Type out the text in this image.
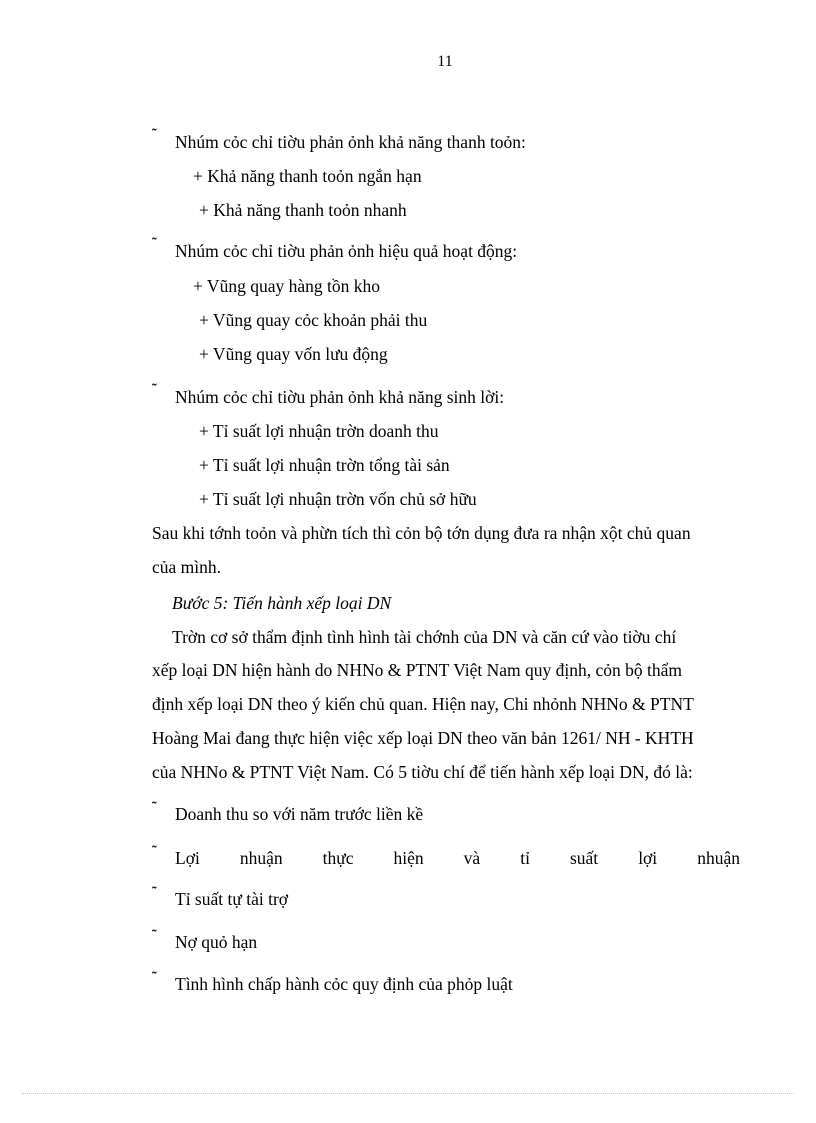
11
˜ Nhúm cỏc chỉ tiờu phản ỏnh khả năng thanh toỏn:
+ Khả năng thanh toỏn ngắn hạn
+ Khả năng thanh toỏn nhanh
˜ Nhúm cỏc chỉ tiờu phản ỏnh hiệu quả hoạt động:
+ Vũng quay hàng tồn kho
+ Vũng quay cỏc khoản phải thu
+ Vũng quay vốn lưu động
˜ Nhúm cỏc chỉ tiờu phản ỏnh khả năng sinh lời:
+ Tỉ suất lợi nhuận trờn doanh thu
+ Tỉ suất lợi nhuận trờn tổng tài sản
+ Tỉ suất lợi nhuận trờn vốn chủ sở hữu
Sau khi tớnh toỏn và phừn tích thì cỏn bộ tớn dụng đưa ra nhận xột chủ quan
của mình.
Bước 5: Tiến hành xếp loại DN
Trờn cơ sở thẩm định tình hình tài chớnh của DN và căn cứ vào tiờu chí
xếp loại DN hiện hành do NHNo & PTNT Việt Nam quy định, cỏn bộ thẩm
định xếp loại DN theo ý kiến chủ quan. Hiện nay, Chi nhỏnh NHNo & PTNT
Hoàng Mai đang thực hiện việc xếp loại DN theo văn bản 1261/ NH - KHTH
của NHNo & PTNT Việt Nam. Có 5 tiờu chí để tiến hành xếp loại DN, đó là:
˜ Doanh thu so với năm trước liền kề
˜ Lợi nhuận thực hiện và tỉ suất lợi nhuận
˜ Tỉ suất tự tài trợ
˜ Nợ quỏ hạn
˜ Tình hình chấp hành cỏc quy định của phỏp luật
